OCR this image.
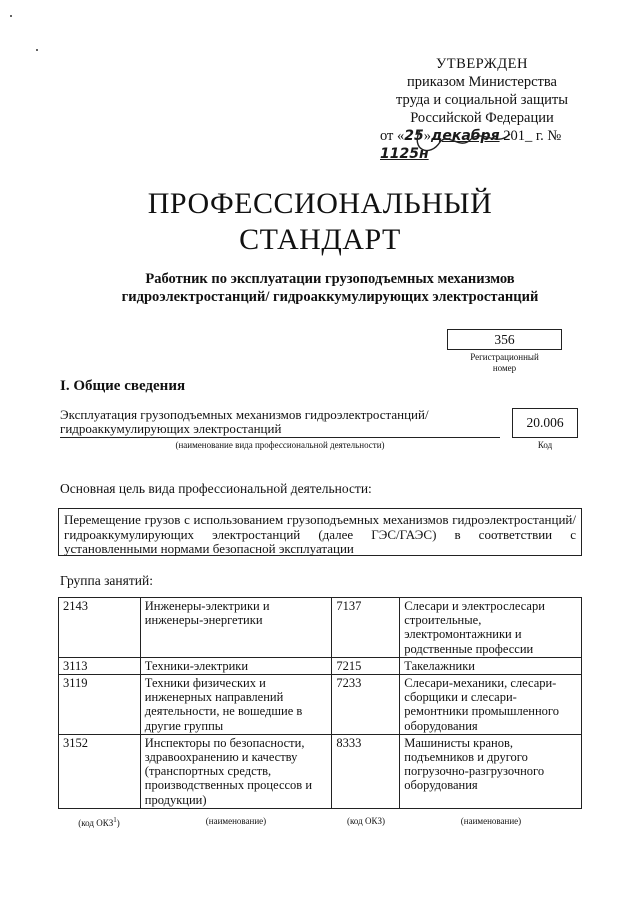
УТВЕРЖДЕН
приказом Министерства
труда и социальной защиты
Российской Федерации
от «25»декабря 201_ г. № 1125н
ПРОФЕССИОНАЛЬНЫЙ
СТАНДАРТ
Работник по эксплуатации грузоподъемных механизмов
гидроэлектростанций/ гидроаккумулирующих электростанций
356
Регистрационный
номер
I. Общие сведения
Эксплуатация грузоподъемных механизмов гидроэлектростанций/
гидроаккумулирующих электростанций
(наименование вида профессиональной деятельности)
20.006
Код
Основная цель вида профессиональной деятельности:
Перемещение грузов с использованием грузоподъемных механизмов гидроэлектростанций/ гидроаккумулирующих электростанций (далее ГЭС/ГАЭС) в соответствии с установленными нормами безопасной эксплуатации
Группа занятий:
2143	Инженеры-электрики и инженеры-энергетики	7137	Слесари и электрослесари строительные, электромонтажники и родственные профессии
3113	Техники-электрики	7215	Такелажники
3119	Техники физических и инженерных направлений деятельности, не вошедшие в другие группы	7233	Слесари-механики, слесари-сборщики и слесари-ремонтники промышленного оборудования
3152	Инспекторы по безопасности, здравоохранению и качеству (транспортных средств, производственных процессов и продукции)	8333	Машинисты кранов, подъемников и другого погрузочно-разгрузочного оборудования
(код ОКЗ$^1$)	(наименование)	(код ОКЗ)	(наименование)
